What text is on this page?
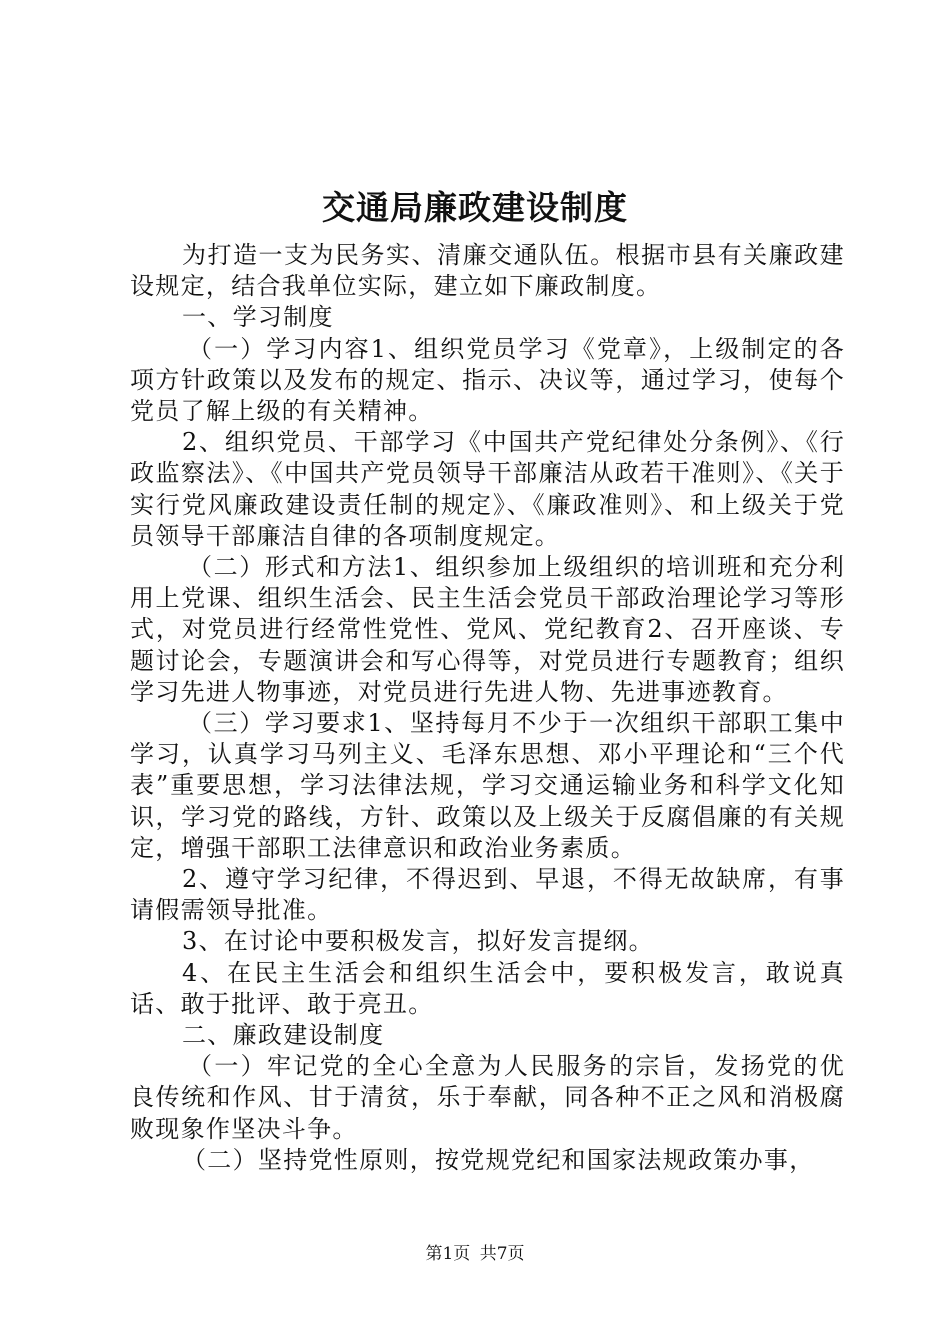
交通局廉政建设制度

为打造一支为民务实、清廉交通队伍。根据市县有关廉政建设规定，结合我单位实际，建立如下廉政制度。

一、学习制度

（一）学习内容1、组织党员学习《党章》，上级制定的各项方针政策以及发布的规定、指示、决议等，通过学习，使每个党员了解上级的有关精神。

2、组织党员、干部学习《中国共产党纪律处分条例》、《行政监察法》、《中国共产党员领导干部廉洁从政若干准则》、《关于实行党风廉政建设责任制的规定》、《廉政准则》、和上级关于党员领导干部廉洁自律的各项制度规定。

（二）形式和方法1、组织参加上级组织的培训班和充分利用上党课、组织生活会、民主生活会党员干部政治理论学习等形式，对党员进行经常性党性、党风、党纪教育2、召开座谈、专题讨论会，专题演讲会和写心得等，对党员进行专题教育；组织学习先进人物事迹，对党员进行先进人物、先进事迹教育。

（三）学习要求1、坚持每月不少于一次组织干部职工集中学习，认真学习马列主义、毛泽东思想、邓小平理论和“三个代表”重要思想，学习法律法规，学习交通运输业务和科学文化知识，学习党的路线，方针、政策以及上级关于反腐倡廉的有关规定，增强干部职工法律意识和政治业务素质。

2、遵守学习纪律，不得迟到、早退，不得无故缺席，有事请假需领导批准。

3、在讨论中要积极发言，拟好发言提纲。

4、在民主生活会和组织生活会中，要积极发言，敢说真话、敢于批评、敢于亮丑。

二、廉政建设制度

（一）牢记党的全心全意为人民服务的宗旨，发扬党的优良传统和作风、甘于清贫，乐于奉献，同各种不正之风和消极腐败现象作坚决斗争。

（二）坚持党性原则，按党规党纪和国家法规政策办事，

第1页 共7页
